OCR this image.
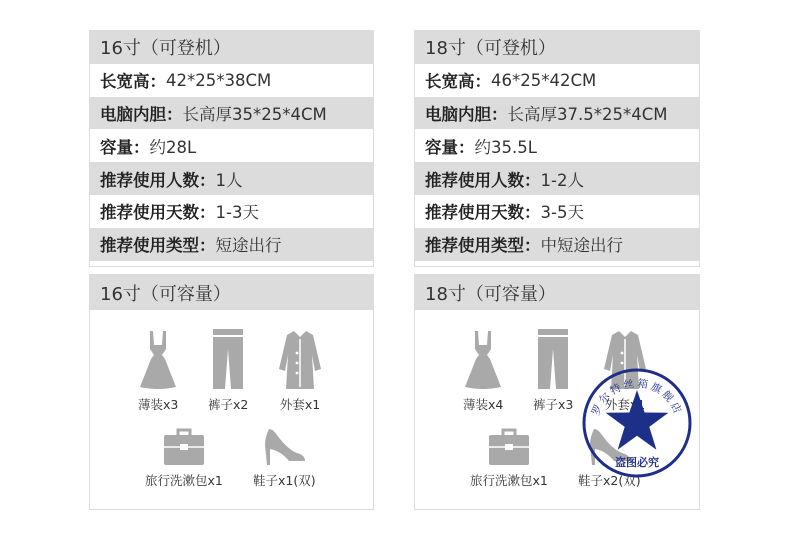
16寸（可登机）
长宽高： 42*25*38CM
电脑内胆： 长高厚35*25*4CM
容量： 约28L
推荐使用人数： 1人
推荐使用天数： 1-3天
推荐使用类型： 短途出行
18寸（可登机）
长宽高： 46*25*42CM
电脑内胆： 长高厚37.5*25*4CM
容量： 约35.5L
推荐使用人数： 1-2人
推荐使用天数： 3-5天
推荐使用类型： 中短途出行
16寸（可容量）
薄装x3 裤子x2	外套x1
旅行洗漱包x1 鞋子x1(双)
18寸（可容量）
薄装x4 裤子x3	外套x1
旅行洗漱包x1 鞋子x2(双)
罗尔特丝箱旗舰店
盗图必究
